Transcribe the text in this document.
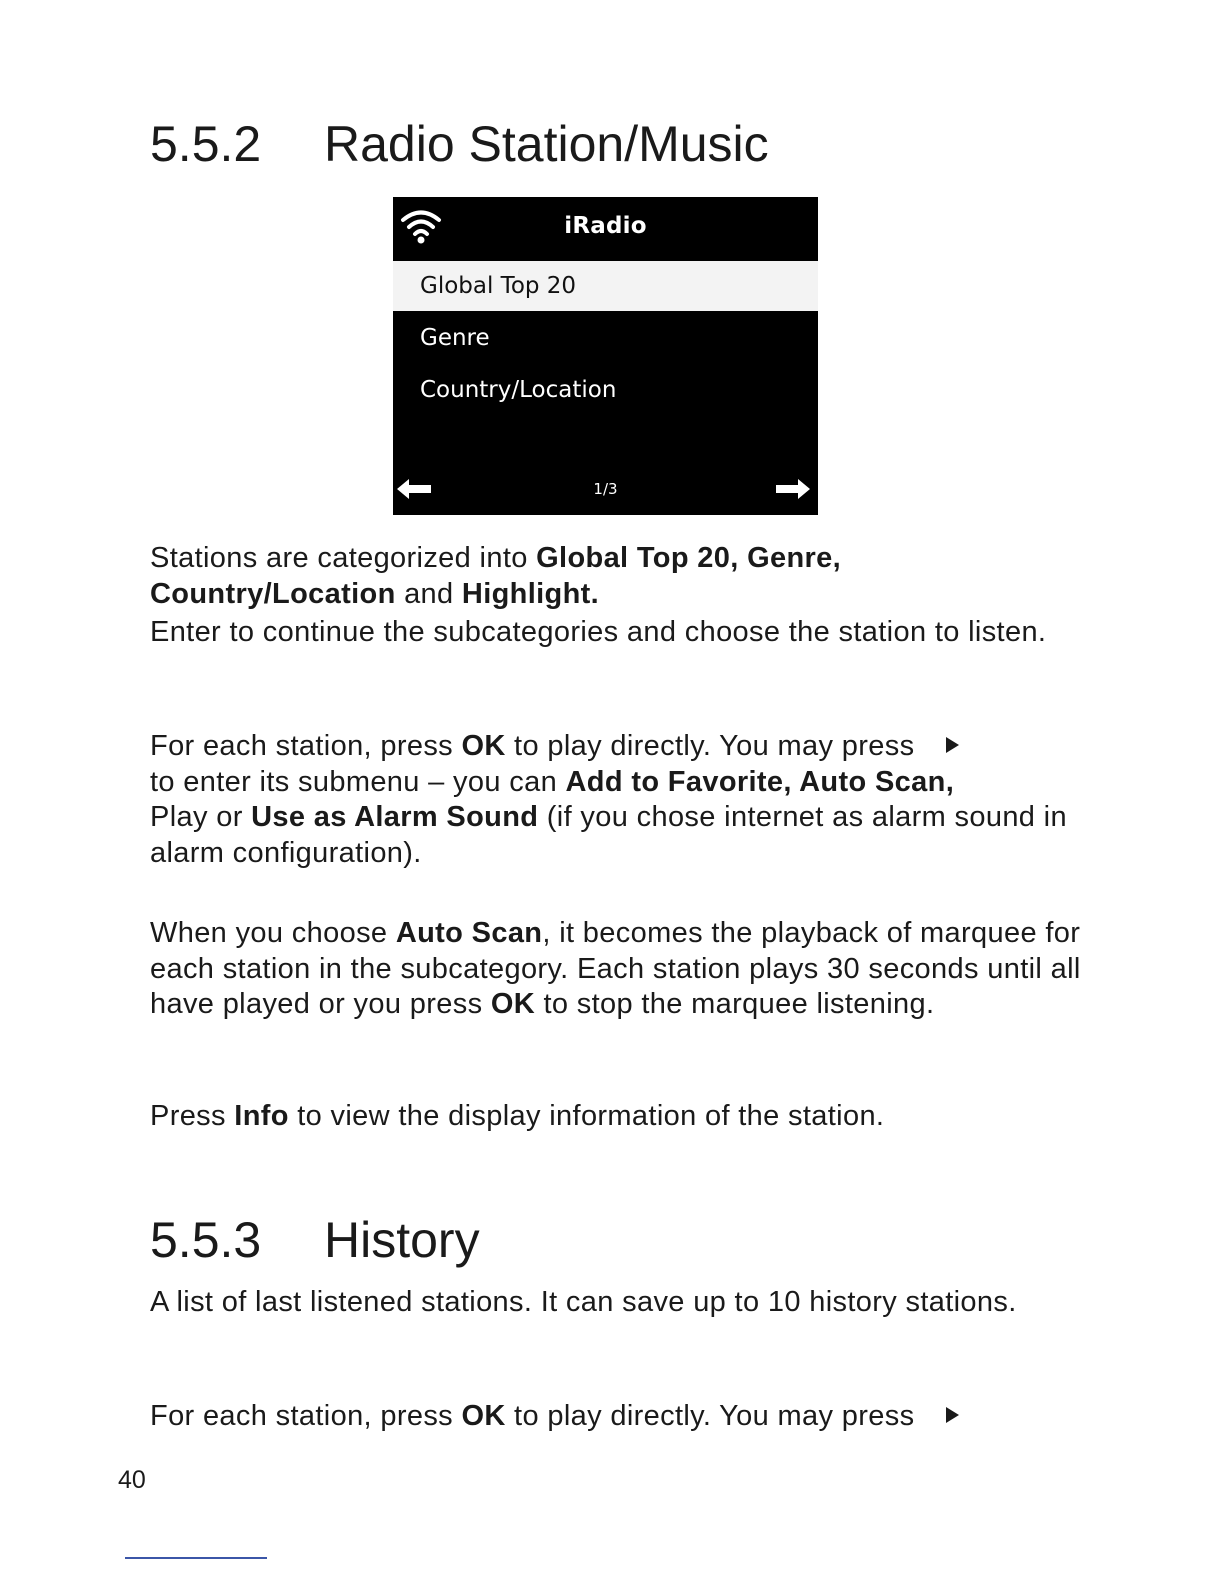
5.5.2 Radio Station/Music
iRadio
Global Top 20
Genre
Country/Location
1/3

Stations are categorized into Global Top 20, Genre,
Country/Location and Highlight.

Enter to continue the subcategories and choose the station to listen.

For each station, press OK to play directly. You may press
to enter its submenu – you can Add to Favorite, Auto Scan,
Play or Use as Alarm Sound (if you chose internet as alarm sound in alarm configuration).

When you choose Auto Scan, it becomes the playback of marquee for each station in the subcategory. Each station plays 30 seconds until all have played or you press OK to stop the marquee listening.

Press Info to view the display information of the station.

5.5.3 History

A list of last listened stations. It can save up to 10 history stations.

For each station, press OK to play directly. You may press

40
